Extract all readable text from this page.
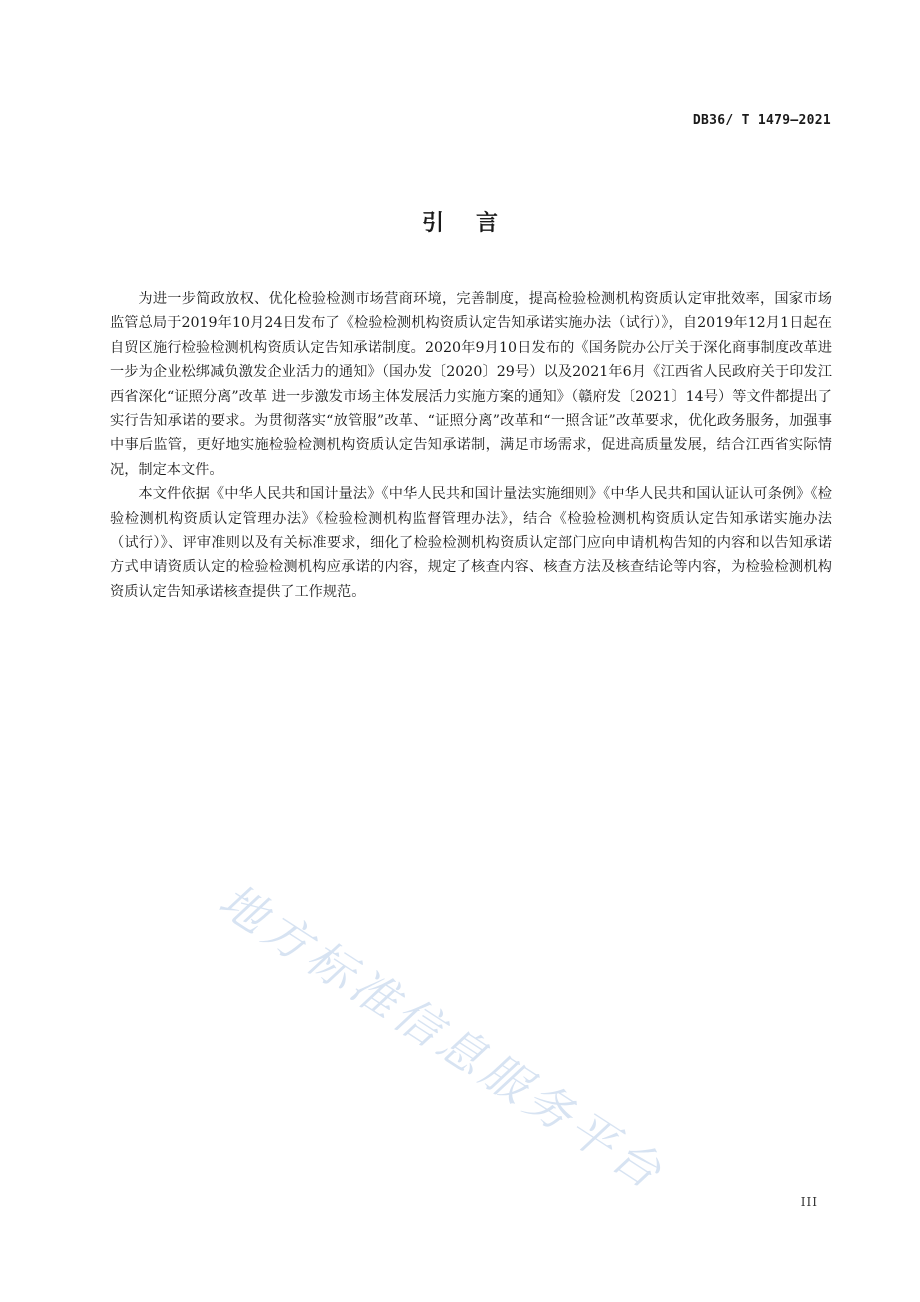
DB36/ T 1479—2021
引言

为进一步简政放权、优化检验检测市场营商环境，完善制度，提高检验检测机构资质认定审批效率，国家市场监管总局于2019年10月24日发布了《检验检测机构资质认定告知承诺实施办法（试行）》，自2019年12月1日起在自贸区施行检验检测机构资质认定告知承诺制度。2020年9月10日发布的《国务院办公厅关于深化商事制度改革进一步为企业松绑减负激发企业活力的通知》（国办发〔2020〕29号）以及2021年6月《江西省人民政府关于印发江西省深化“证照分离”改革 进一步激发市场主体发展活力实施方案的通知》（赣府发〔2021〕14号）等文件都提出了实行告知承诺的要求。为贯彻落实“放管服”改革、“证照分离”改革和“一照含证”改革要求，优化政务服务，加强事中事后监管，更好地实施检验检测机构资质认定告知承诺制，满足市场需求，促进高质量发展，结合江西省实际情况，制定本文件。

本文件依据《中华人民共和国计量法》《中华人民共和国计量法实施细则》《中华人民共和国认证认可条例》《检验检测机构资质认定管理办法》《检验检测机构监督管理办法》，结合《检验检测机构资质认定告知承诺实施办法（试行）》、评审准则以及有关标准要求，细化了检验检测机构资质认定部门应向申请机构告知的内容和以告知承诺方式申请资质认定的检验检测机构应承诺的内容，规定了核查内容、核查方法及核查结论等内容，为检验检测机构资质认定告知承诺核查提供了工作规范。

地方标准信息服务平台
III
